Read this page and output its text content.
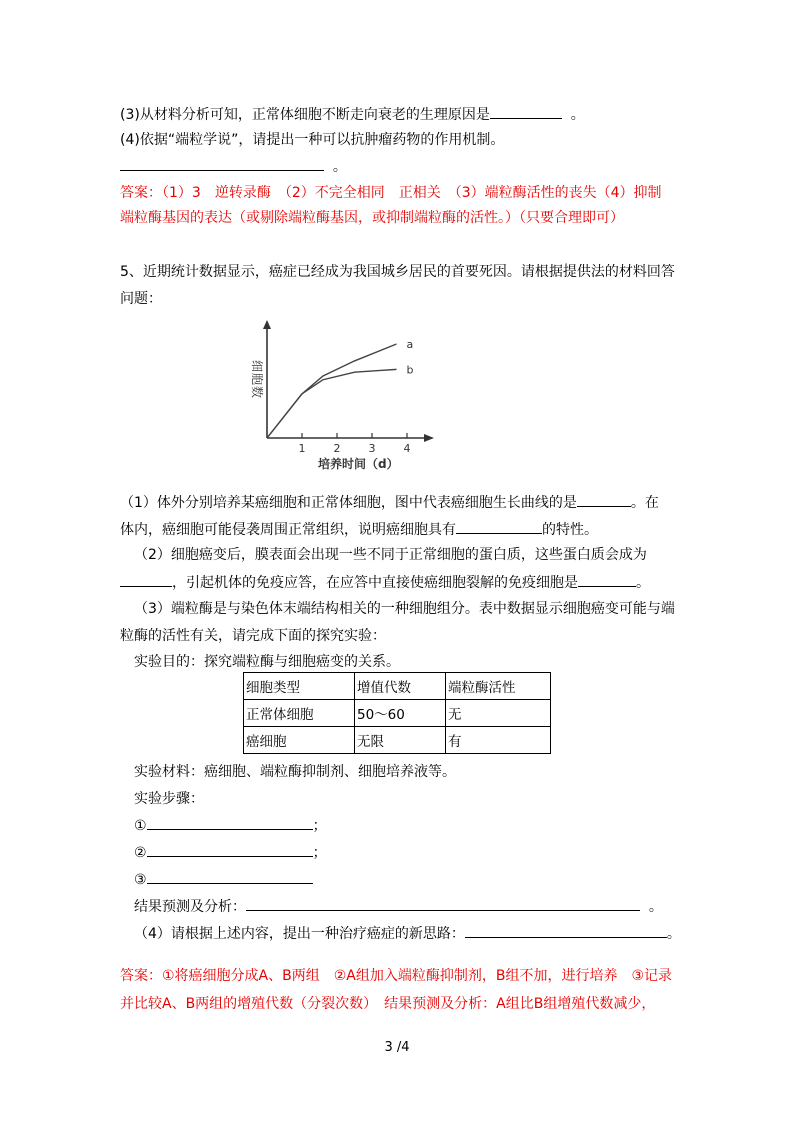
(3)从材料分析可知，正常体细胞不断走向衰老的生理原因是	。
(4)依据“端粒学说”，请提出一种可以抗肿瘤药物的作用机制。
。
答案：（1）3　逆转录酶　（2）不完全相同　正相关　（3）端粒酶活性的丧失（4）抑制
端粒酶基因的表达（或剔除端粒酶基因，或抑制端粒酶的活性。）（只要合理即可）
5、近期统计数据显示，癌症已经成为我国城乡居民的首要死因。请根据提供法的材料回答
问题：
1	2	3	4
a
b
细胞数
培养时间（d）
（1）体外分别培养某癌细胞和正常体细胞，图中代表癌细胞生长曲线的是	。在
体内，癌细胞可能侵袭周围正常组织，说明癌细胞具有	的特性。
（2）细胞癌变后，膜表面会出现一些不同于正常细胞的蛋白质，这些蛋白质会成为
，引起机体的免疫应答，在应答中直接使癌细胞裂解的免疫细胞是	。
（3）端粒酶是与染色体末端结构相关的一种细胞组分。表中数据显示细胞癌变可能与端
粒酶的活性有关，请完成下面的探究实验：
实验目的：探究端粒酶与细胞癌变的关系。
细胞类型	增值代数	端粒酶活性
正常体细胞	50～60	无
癌细胞	无限	有
实验材料：癌细胞、端粒酶抑制剂、细胞培养液等。
实验步骤：
①	；
②	；
③
结果预测及分析：	。
（4）请根据上述内容，提出一种治疗癌症的新思路：	。
答案：①将癌细胞分成A、B两组　②A组加入端粒酶抑制剂，B组不加，进行培养　③记录
并比较A、B两组的增殖代数（分裂次数）　结果预测及分析：A组比B组增殖代数减少，
3 /4
